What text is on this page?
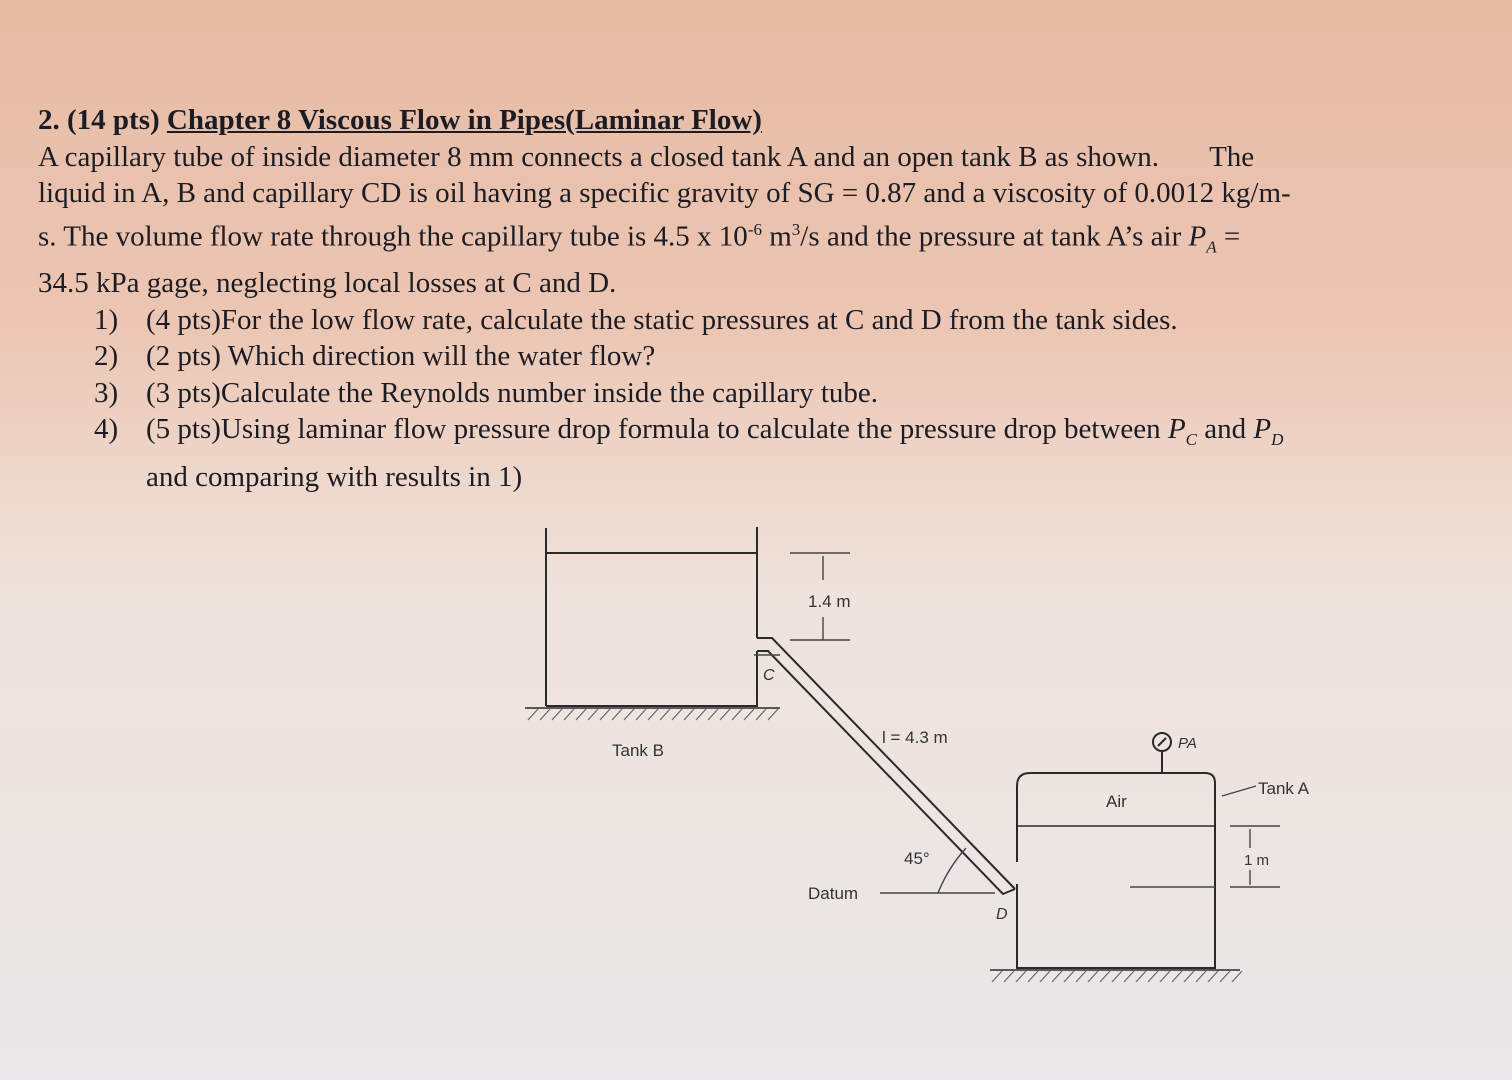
2. (14 pts) Chapter 8 Viscous Flow in Pipes(Laminar Flow)
A capillary tube of inside diameter 8 mm connects a closed tank A and an open tank B as shown. The
liquid in A, B and capillary CD is oil having a specific gravity of SG = 0.87 and a viscosity of 0.0012 kg/m-
s. The volume flow rate through the capillary tube is 4.5 x $10^{-6}$ $m^3/s$ and the pressure at tank A’s air $P_A$ =
34.5 kPa gage, neglecting local losses at C and D.
1) (4 pts)For the low flow rate, calculate the static pressures at C and D from the tank sides.
2) (2 pts) Which direction will the water flow?
3) (3 pts)Calculate the Reynolds number inside the capillary tube.
4) (5 pts)Using laminar flow pressure drop formula to calculate the pressure drop between $P_C$ and $P_D$
and comparing with results in 1)
1.4 m
Tank B
C
l = 4.3 m
Air
PA
Tank A
45°
Datum
D
1 m
